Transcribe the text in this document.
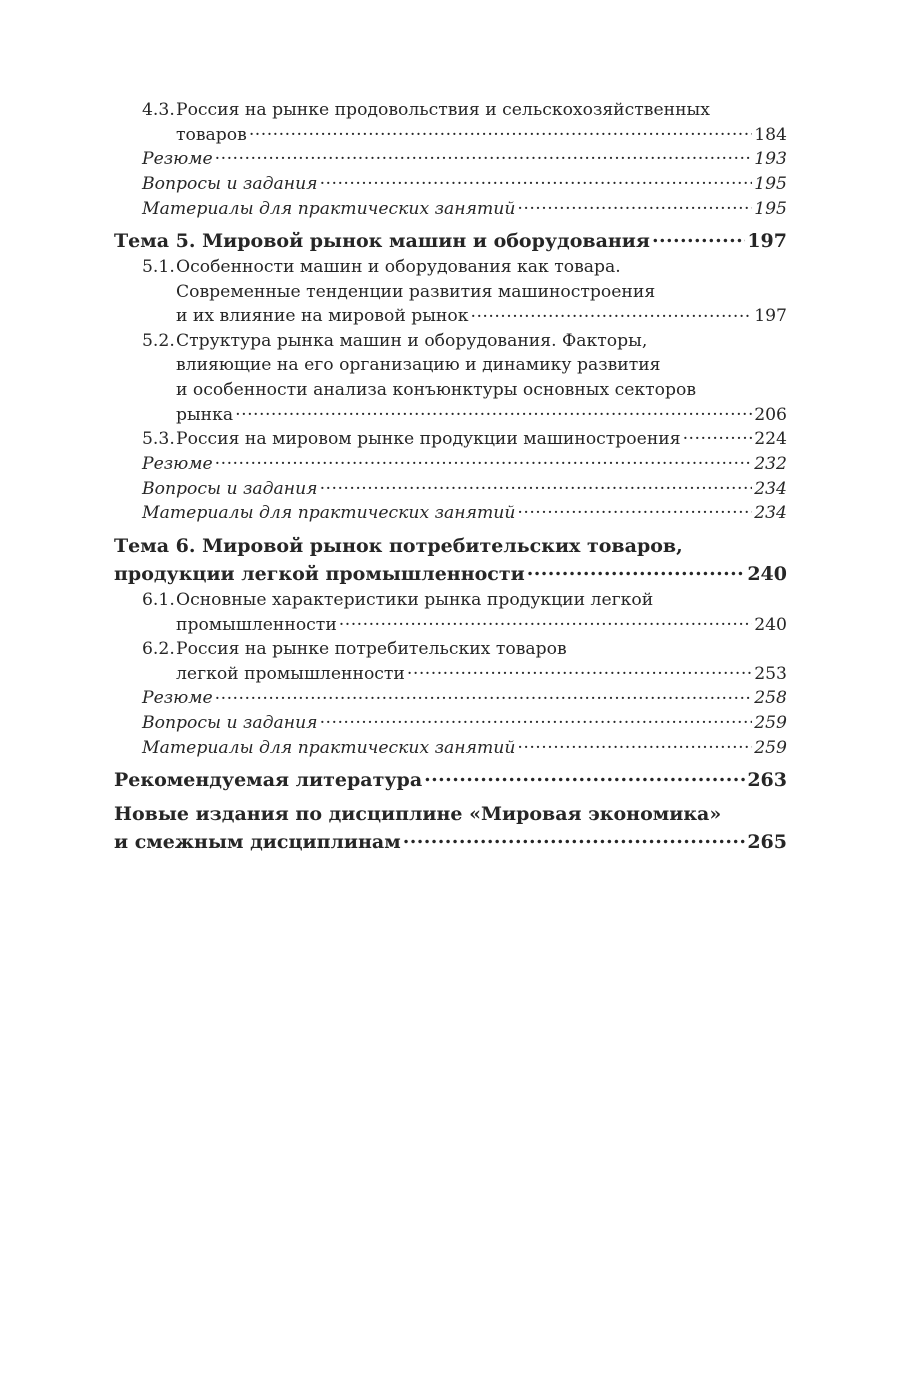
4.3. Россия на рынке продовольствия и сельскохозяйственных
товаров .....	184
Резюме .....	193
Вопросы и задания .....	195
Материалы для практических занятий .....	195
Тема 5. Мировой рынок машин и оборудования .....	197
5.1. Особенности машин и оборудования как товара.
Современные тенденции развития машиностроения
и их влияние на мировой рынок .....	197
5.2. Структура рынка машин и оборудования. Факторы,
влияющие на его организацию и динамику развития
и особенности анализа конъюнктуры основных секторов
рынка .....	206
5.3. Россия на мировом рынке продукции машиностроения .....	224
Резюме .....	232
Вопросы и задания .....	234
Материалы для практических занятий .....	234
Тема 6. Мировой рынок потребительских товаров,
продукции легкой промышленности .....	240
6.1. Основные характеристики рынка продукции легкой
промышленности .....	240
6.2. Россия на рынке потребительских товаров
легкой промышленности .....	253
Резюме .....	258
Вопросы и задания .....	259
Материалы для практических занятий .....	259
Рекомендуемая литература .....	263
Новые издания по дисциплине «Мировая экономика»
и смежным дисциплинам .....	265
